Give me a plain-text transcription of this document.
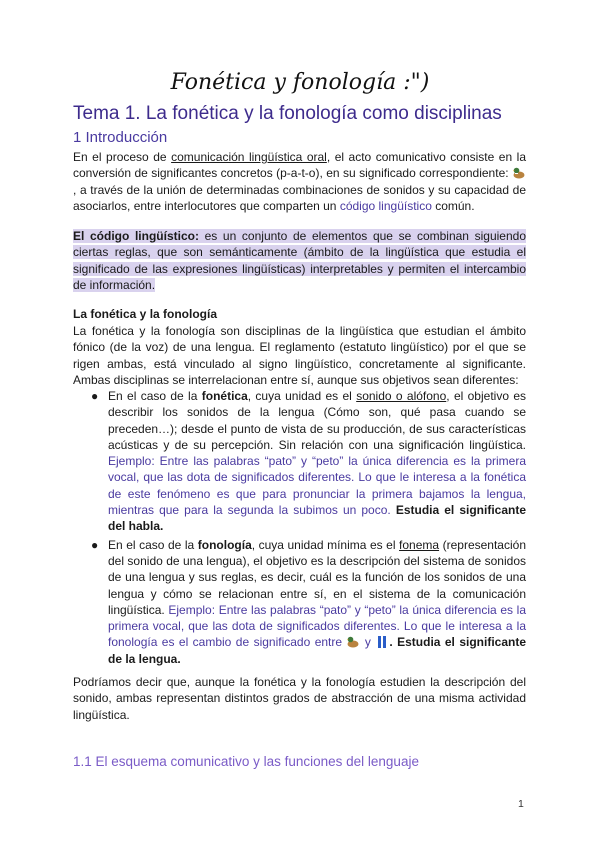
Fonética y fonología :")
Tema 1. La fonética y la fonología como disciplinas
1 Introducción
En el proceso de comunicación lingüística oral, el acto comunicativo consiste en la conversión de significantes concretos (p-a-t-o), en su significado correspondiente: , a través de la unión de determinadas combinaciones de sonidos y su capacidad de asociarlos, entre interlocutores que comparten un código lingüístico común.
El código lingüístico: es un conjunto de elementos que se combinan siguiendo ciertas reglas, que son semánticamente (ámbito de la lingüística que estudia el significado de las expresiones lingüísticas) interpretables y permiten el intercambio de información.
La fonética y la fonología
La fonética y la fonología son disciplinas de la lingüística que estudian el ámbito fónico (de la voz) de una lengua. El reglamento (estatuto lingüístico) por el que se rigen ambas, está vinculado al signo lingüístico, concretamente al significante. Ambas disciplinas se interrelacionan entre sí, aunque sus objetivos sean diferentes:
● En el caso de la fonética, cuya unidad es el sonido o alófono, el objetivo es describir los sonidos de la lengua (Cómo son, qué pasa cuando se preceden…); desde el punto de vista de su producción, de sus características acústicas y de su percepción. Sin relación con una significación lingüística. Ejemplo: Entre las palabras “pato” y “peto” la única diferencia es la primera vocal, que las dota de significados diferentes. Lo que le interesa a la fonética de este fenómeno es que para pronunciar la primera bajamos la lengua, mientras que para la segunda la subimos un poco. Estudia el significante del habla.
● En el caso de la fonología, cuya unidad mínima es el fonema (representación del sonido de una lengua), el objetivo es la descripción del sistema de sonidos de una lengua y sus reglas, es decir, cuál es la función de los sonidos de una lengua y cómo se relacionan entre sí, en el sistema de la comunicación lingüística. Ejemplo: Entre las palabras “pato” y “peto” la única diferencia es la primera vocal, que las dota de significados diferentes. Lo que le interesa a la fonología es el cambio de significado entre  y . Estudia el significante de la lengua.
Podríamos decir que, aunque la fonética y la fonología estudien la descripción del sonido, ambas representan distintos grados de abstracción de una misma actividad lingüística.
1.1 El esquema comunicativo y las funciones del lenguaje
1
